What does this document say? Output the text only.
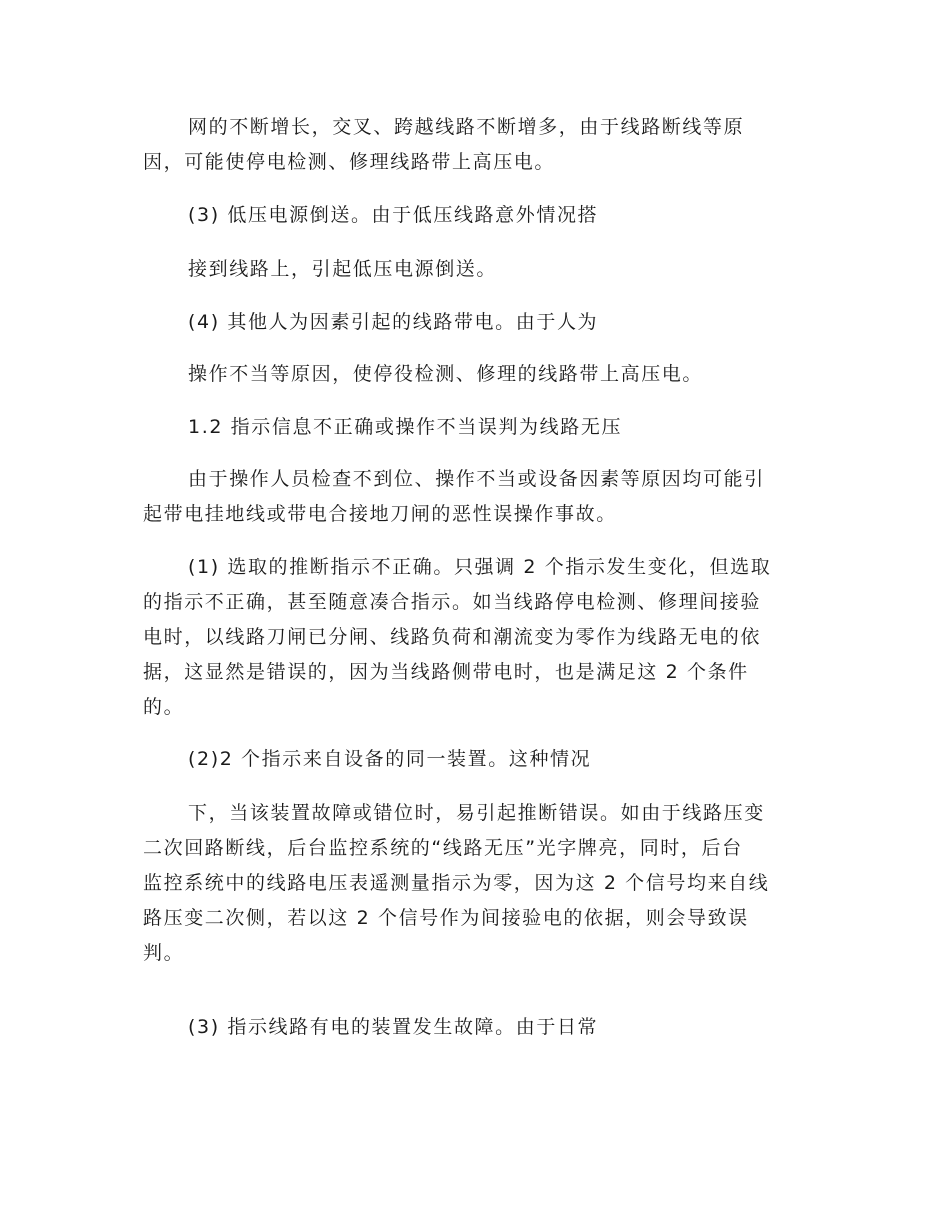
网的不断增长，交叉、跨越线路不断增多，由于线路断线等原
因，可能使停电检测、修理线路带上高压电。
(3) 低压电源倒送。由于低压线路意外情况搭
接到线路上，引起低压电源倒送。
(4) 其他人为因素引起的线路带电。由于人为
操作不当等原因，使停役检测、修理的线路带上高压电。
1.2 指示信息不正确或操作不当误判为线路无压
由于操作人员检查不到位、操作不当或设备因素等原因均可能引
起带电挂地线或带电合接地刀闸的恶性误操作事故。
(1) 选取的推断指示不正确。只强调 2 个指示发生变化，但选取
的指示不正确，甚至随意凑合指示。如当线路停电检测、修理间接验
电时，以线路刀闸已分闸、线路负荷和潮流变为零作为线路无电的依
据，这显然是错误的，因为当线路侧带电时，也是满足这 2 个条件
的。
(2)2 个指示来自设备的同一装置。这种情况
下，当该装置故障或错位时，易引起推断错误。如由于线路压变
二次回路断线，后台监控系统的“线路无压”光字牌亮，同时，后台
监控系统中的线路电压表遥测量指示为零，因为这 2 个信号均来自线
路压变二次侧，若以这 2 个信号作为间接验电的依据，则会导致误
判。
(3) 指示线路有电的装置发生故障。由于日常
